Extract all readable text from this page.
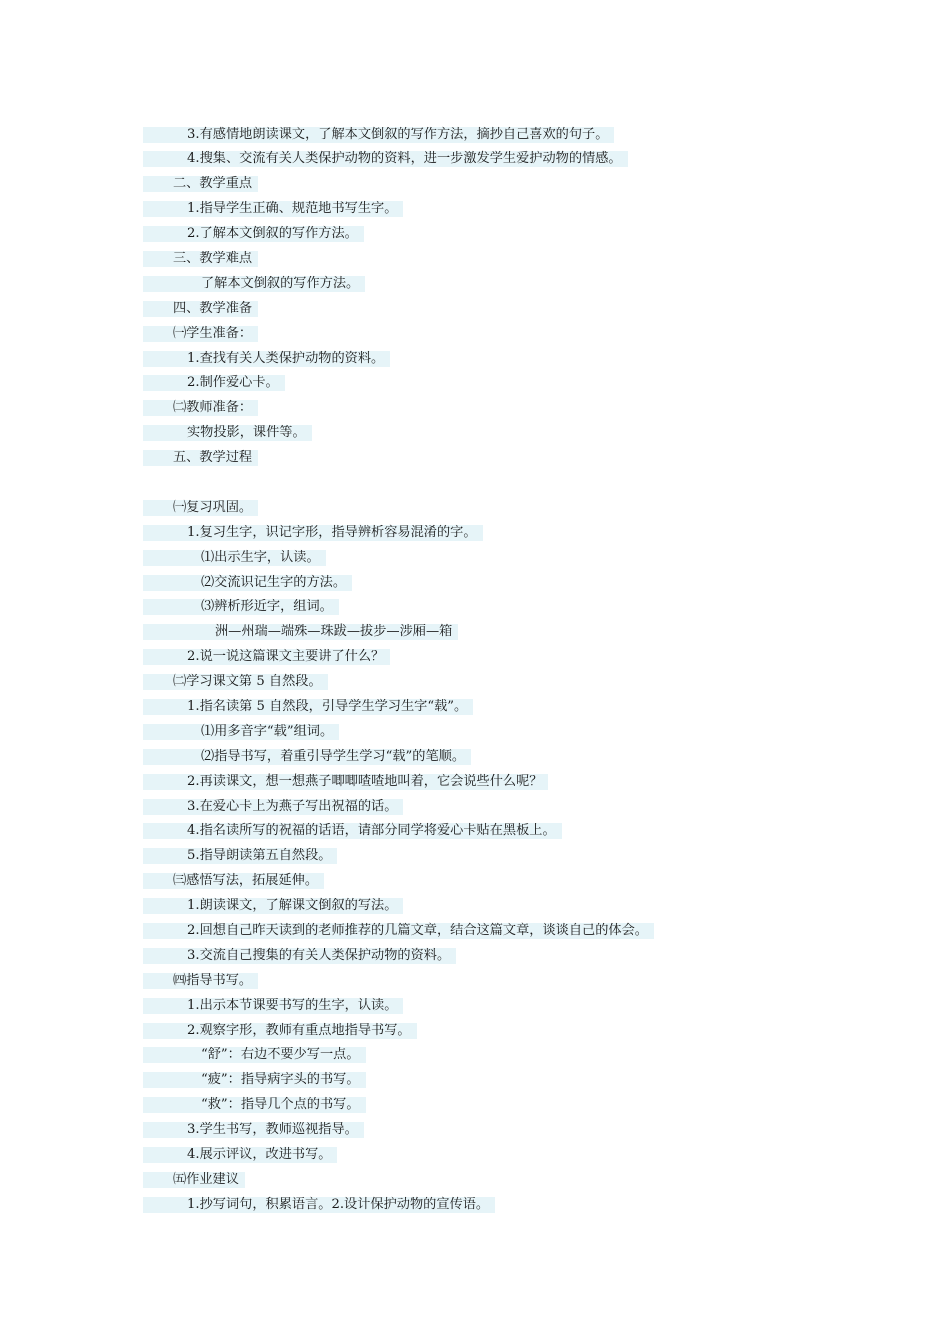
3.有感情地朗读课文，了解本文倒叙的写作方法，摘抄自己喜欢的句子。
4.搜集、交流有关人类保护动物的资料，进一步激发学生爱护动物的情感。
二、教学重点
1.指导学生正确、规范地书写生字。
2.了解本文倒叙的写作方法。
三、教学难点
了解本文倒叙的写作方法。
四、教学准备
㈠学生准备：
1.查找有关人类保护动物的资料。
2.制作爱心卡。
㈡教师准备：
实物投影，课件等。
五、教学过程
㈠复习巩固。
1.复习生字，识记字形，指导辨析容易混淆的字。
⑴出示生字，认读。
⑵交流识记生字的方法。
⑶辨析形近字，组词。
洲—州瑞—端殊—珠跋—拔步—涉厢—箱
2.说一说这篇课文主要讲了什么？
㈡学习课文第 5 自然段。
1.指名读第 5 自然段，引导学生学习生字“载”。
⑴用多音字“载”组词。
⑵指导书写，着重引导学生学习“载”的笔顺。
2.再读课文，想一想燕子唧唧喳喳地叫着，它会说些什么呢？
3.在爱心卡上为燕子写出祝福的话。
4.指名读所写的祝福的话语，请部分同学将爱心卡贴在黑板上。
5.指导朗读第五自然段。
㈢感悟写法，拓展延伸。
1.朗读课文，了解课文倒叙的写法。
2.回想自己昨天读到的老师推荐的几篇文章，结合这篇文章，谈谈自己的体会。
3.交流自己搜集的有关人类保护动物的资料。
㈣指导书写。
1.出示本节课要书写的生字，认读。
2.观察字形，教师有重点地指导书写。
“舒”：右边不要少写一点。
“疲”：指导病字头的书写。
“救”：指导几个点的书写。
3.学生书写，教师巡视指导。
4.展示评议，改进书写。
㈤作业建议
1.抄写词句，积累语言。2.设计保护动物的宣传语。
